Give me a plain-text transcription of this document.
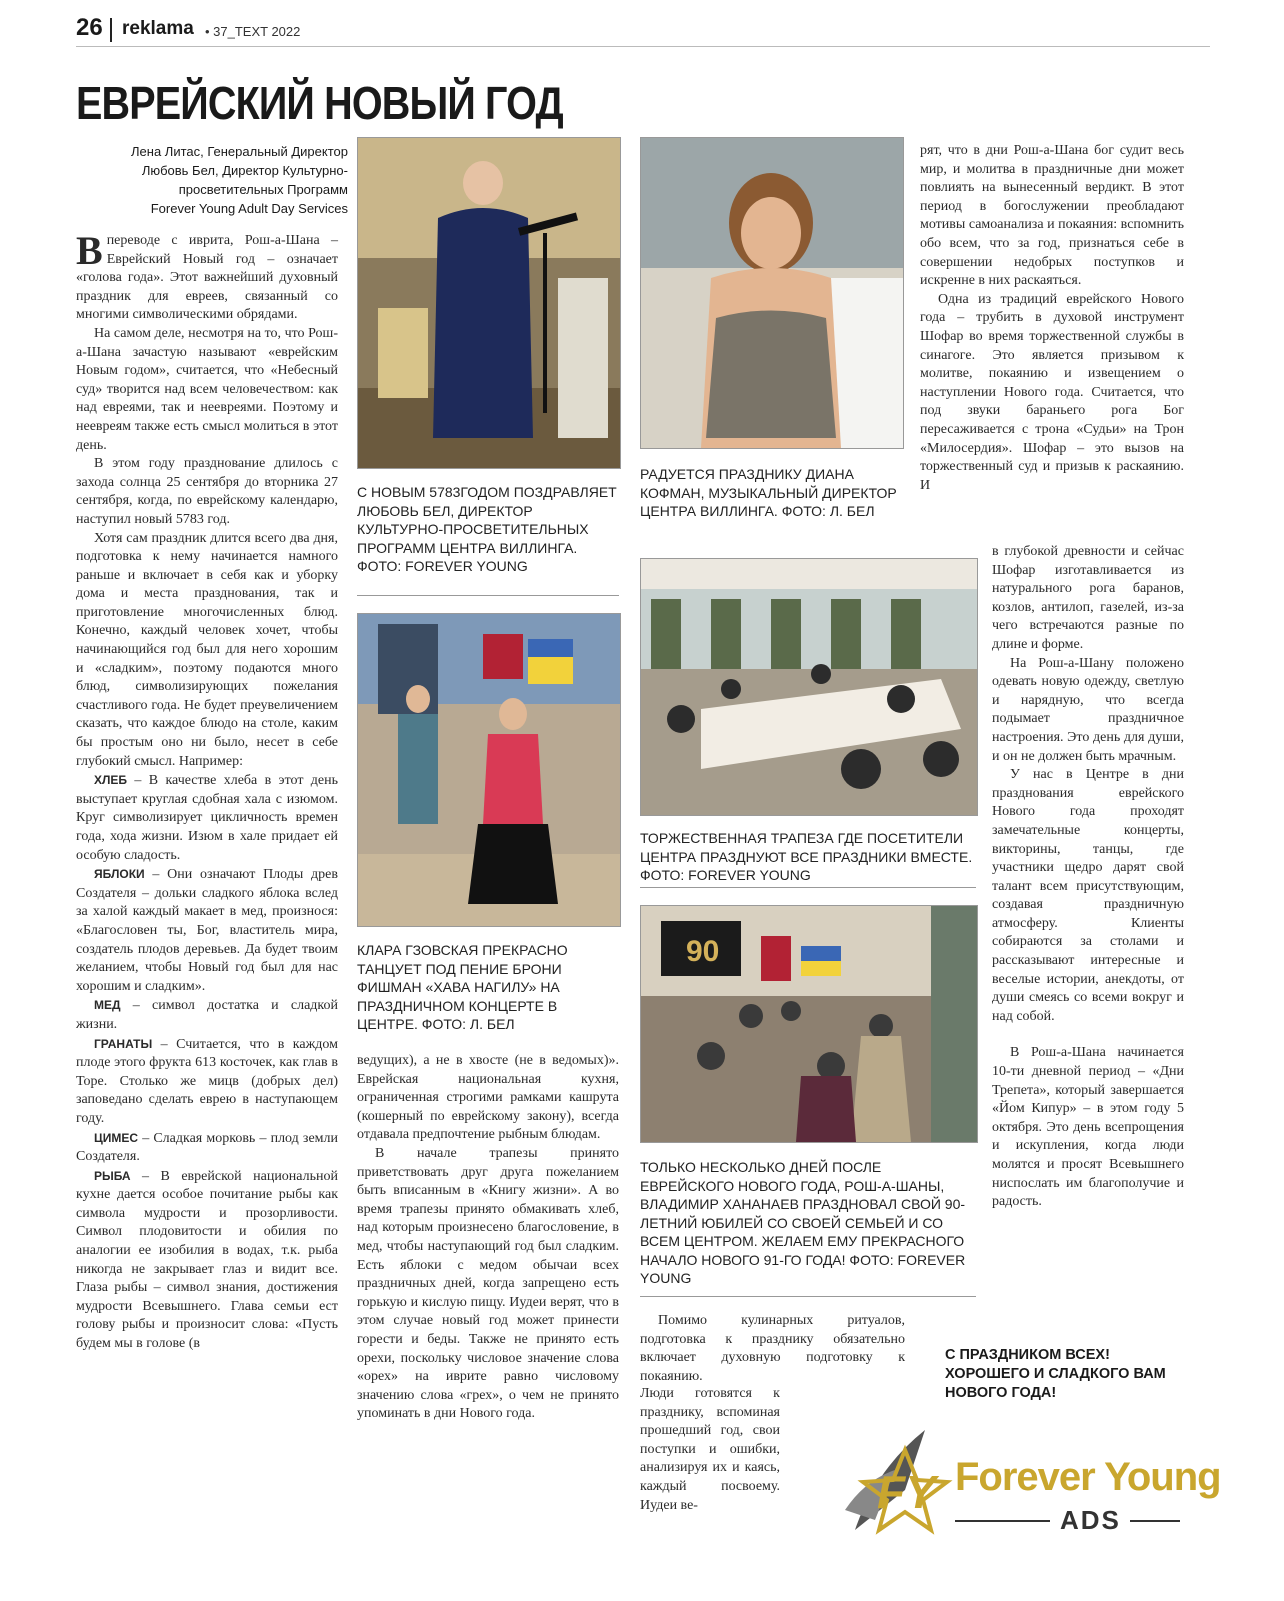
26 reklama • 37_TEXT 2022
ЕВРЕЙСКИЙ НОВЫЙ ГОД
Лена Литас, Генеральный Директор
Любовь Бел, Директор Культурно-
просветительных Программ
Forever Young Adult Day Services

Впереводе с иврита, Рош-а-Шана – Еврейский Новый год – означает «голова года». Этот важнейший духовный праздник для евреев, связанный со многими символическими обрядами.

На самом деле, несмотря на то, что Рош-а-Шана зачастую называют «еврейским Новым годом», считается, что «Небесный суд» творится над всем человечеством: как над евреями, так и неевреями. Поэтому и неевреям также есть смысл молиться в этот день.

В этом году празднование длилось с захода солнца 25 сентября до вторника 27 сентября, когда, по еврейскому календарю, наступил новый 5783 год.

Хотя сам праздник длится всего два дня, подготовка к нему начинается намного раньше и включает в себя как и уборку дома и места празднования, так и приготовление многочисленных блюд. Конечно, каждый человек хочет, чтобы начинающийся год был для него хорошим и «сладким», поэтому подаются много блюд, символизирующих пожелания счастливого года. Не будет преувеличением сказать, что каждое блюдо на столе, каким бы простым оно ни было, несет в себе глубокий смысл. Например:

ХЛЕБ – В качестве хлеба в этот день выступает круглая сдобная хала с изюмом. Круг символизирует цикличность времен года, хода жизни. Изюм в хале придает ей особую сладость.

ЯБЛОКИ – Они означают Плоды древ Создателя – дольки сладкого яблока вслед за халой каждый макает в мед, произнося: «Благословен ты, Бог, властитель мира, создатель плодов деревьев. Да будет твоим желанием, чтобы Новый год был для нас хорошим и сладким».

МЕД – символ достатка и сладкой жизни.

ГРАНАТЫ – Считается, что в каждом плоде этого фрукта 613 косточек, как глав в Торе. Столько же мицв (добрых дел) заповедано сделать еврею в наступающем году.

ЦИМЕС – Сладкая морковь – плод земли Создателя.

РЫБА – В еврейской национальной кухне дается особое почитание рыбы как символа мудрости и прозорливости. Символ плодовитости и обилия по аналогии ее изобилия в водах, т.к. рыба никогда не закрывает глаз и видит все. Глаза рыбы – символ знания, достижения мудрости Всевышнего. Глава семьи ест голову рыбы и произносит слова: «Пусть будем мы в голове (в

С НОВЫМ 5783ГОДОМ ПОЗДРАВЛЯЕТ ЛЮБОВЬ БЕЛ, ДИРЕКТОР КУЛЬТУРНО-ПРОСВЕТИТЕЛЬНЫХ ПРОГРАММ ЦЕНТРА ВИЛЛИНГА. ФОТО: FOREVER YOUNG
РАДУЕТСЯ ПРАЗДНИКУ ДИАНА КОФМАН, МУЗЫКАЛЬНЫЙ ДИРЕКТОР ЦЕНТРА ВИЛЛИНГА. ФОТО: Л. БЕЛ
КЛАРА ГЗОВСКАЯ ПРЕКРАСНО ТАНЦУЕТ ПОД ПЕНИЕ БРОНИ ФИШМАН «ХАВА НАГИЛУ» НА ПРАЗДНИЧНОМ КОНЦЕРТЕ В ЦЕНТРЕ. ФОТО: Л. БЕЛ
ТОРЖЕСТВЕННАЯ ТРАПЕЗА ГДЕ ПОСЕТИТЕЛИ ЦЕНТРА ПРАЗДНУЮТ ВСЕ ПРАЗДНИКИ ВМЕСТЕ. ФОТО: FOREVER YOUNG
90
ТОЛЬКО НЕСКОЛЬКО ДНЕЙ ПОСЛЕ ЕВРЕЙСКОГО НОВОГО ГОДА, РОШ-А-ШАНЫ, ВЛАДИМИР ХАНАНАЕВ ПРАЗДНОВАЛ СВОЙ 90-ЛЕТНИЙ ЮБИЛЕЙ СО СВОЕЙ СЕМЬЕЙ И СО ВСЕМ ЦЕНТРОМ. ЖЕЛАЕМ ЕМУ ПРЕКРАСНОГО НАЧАЛО НОВОГО 91-ГО ГОДА! ФОТО: FOREVER YOUNG

ведущих), а не в хвосте (не в ведомых)». Еврейская национальная кухня, ограниченная строгими рамками кашрута (кошерный по еврейскому закону), всегда отдавала предпочтение рыбным блюдам.

В начале трапезы принято приветствовать друг друга пожеланием быть вписанным в «Книгу жизни». А во время трапезы принято обмакивать хлеб, над которым произнесено благословение, в мед, чтобы наступающий год был сладким. Есть яблоки с медом обычаи всех праздничных дней, когда запрещено есть горькую и кислую пищу. Иудеи верят, что в этом случае новый год может принести горести и беды. Также не принято есть орехи, поскольку числовое значение слова «орех» на иврите равно числовому значению слова «грех», о чем не принято упоминать в дни Нового года.

Помимо кулинарных ритуалов, подготовка к празднику обязательно включает духовную подготовку к покаянию.

Люди готовятся к празднику, вспоминая прошедший год, свои поступки и ошибки, анализируя их и каясь, каждый посвоему. Иудеи ве-

рят, что в дни Рош-а-Шана бог судит весь мир, и молитва в праздничные дни может повлиять на вынесенный вердикт. В этот период в богослужении преобладают мотивы самоанализа и покаяния: вспомнить обо всем, что за год, признаться себе в совершении недобрых поступков и искренне в них раскаяться.

Одна из традиций еврейского Нового года – трубить в духовой инструмент Шофар во время торжественной службы в синагоге. Это является призывом к молитве, покаянию и извещением о наступлении Нового года. Считается, что под звуки бараньего рога Бог пересаживается с трона «Судьи» на Трон «Милосердия». Шофар – это вызов на торжественный суд и призыв к раскаянию. И

в глубокой древности и сейчас Шофар изготавливается из натурального рога баранов, козлов, антилоп, газелей, из-за чего встречаются разные по длине и форме.

На Рош-а-Шану положено одевать новую одежду, светлую и нарядную, что всегда подымает праздничное настроения. Это день для души, и он не должен быть мрачным.

У нас в Центре в дни празднования еврейского Нового года проходят замечательные концерты, викторины, танцы, где участники щедро дарят свой талант всем присутствующим, создавая праздничную атмосферу. Клиенты собираются за столами и рассказывают интересные и веселые истории, анекдоты, от души смеясь со всеми вокруг и над собой.

В Рош-а-Шана начинается 10-ти дневной период – «Дни Трепета», который завершается «Йом Кипур» – в этом году 5 октября. Это день всепрощения и искупления, когда люди молятся и просят Всевышнего ниспослать им благополучие и радость.

С ПРАЗДНИКОМ ВСЕХ! ХОРОШЕГО И СЛАДКОГО ВАМ НОВОГО ГОДА!
FY Forever Young
ADS
